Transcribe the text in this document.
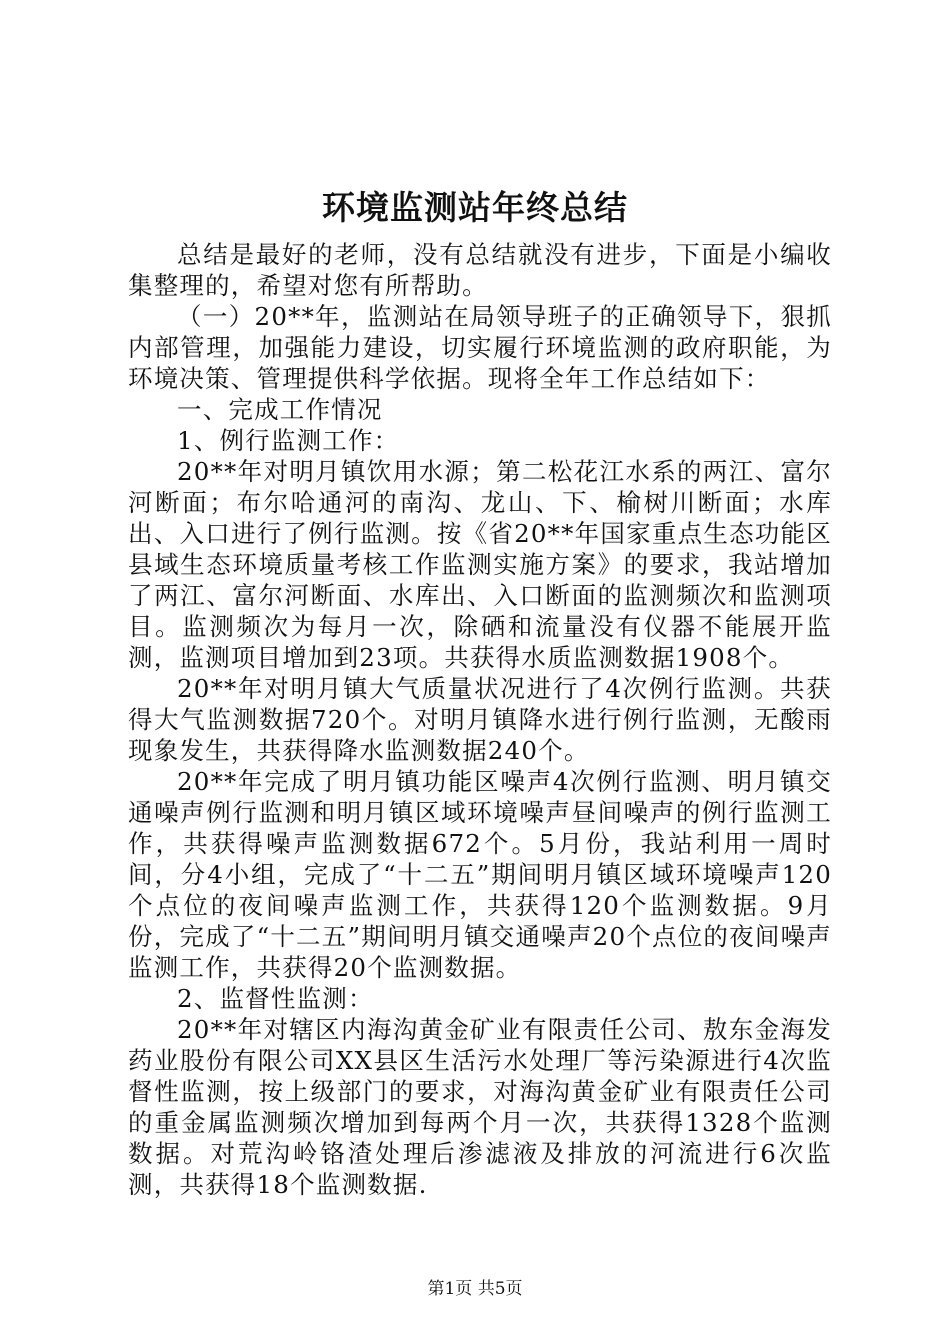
环境监测站年终总结

总结是最好的老师，没有总结就没有进步，下面是小编收集整理的，希望对您有所帮助。

（一）20**年，监测站在局领导班子的正确领导下，狠抓内部管理，加强能力建设，切实履行环境监测的政府职能，为环境决策、管理提供科学依据。现将全年工作总结如下：

一、完成工作情况

1、例行监测工作：

20**年对明月镇饮用水源；第二松花江水系的两江、富尔河断面；布尔哈通河的南沟、龙山、下、榆树川断面；水库出、入口进行了例行监测。按《省20**年国家重点生态功能区县域生态环境质量考核工作监测实施方案》的要求，我站增加了两江、富尔河断面、水库出、入口断面的监测频次和监测项目。监测频次为每月一次，除硒和流量没有仪器不能展开监测，监测项目增加到23项。共获得水质监测数据1908个。

20**年对明月镇大气质量状况进行了4次例行监测。共获得大气监测数据720个。对明月镇降水进行例行监测，无酸雨现象发生，共获得降水监测数据240个。

20**年完成了明月镇功能区噪声4次例行监测、明月镇交通噪声例行监测和明月镇区域环境噪声昼间噪声的例行监测工作，共获得噪声监测数据672个。5月份，我站利用一周时间，分4小组，完成了“十二五”期间明月镇区域环境噪声120个点位的夜间噪声监测工作，共获得120个监测数据。9月份，完成了“十二五”期间明月镇交通噪声20个点位的夜间噪声监测工作，共获得20个监测数据。

2、监督性监测：

20**年对辖区内海沟黄金矿业有限责任公司、敖东金海发药业股份有限公司XX县区生活污水处理厂等污染源进行4次监督性监测，按上级部门的要求，对海沟黄金矿业有限责任公司的重金属监测频次增加到每两个月一次，共获得1328个监测数据。对荒沟岭铬渣处理后渗滤液及排放的河流进行6次监测，共获得18个监测数据.

第1页 共5页
